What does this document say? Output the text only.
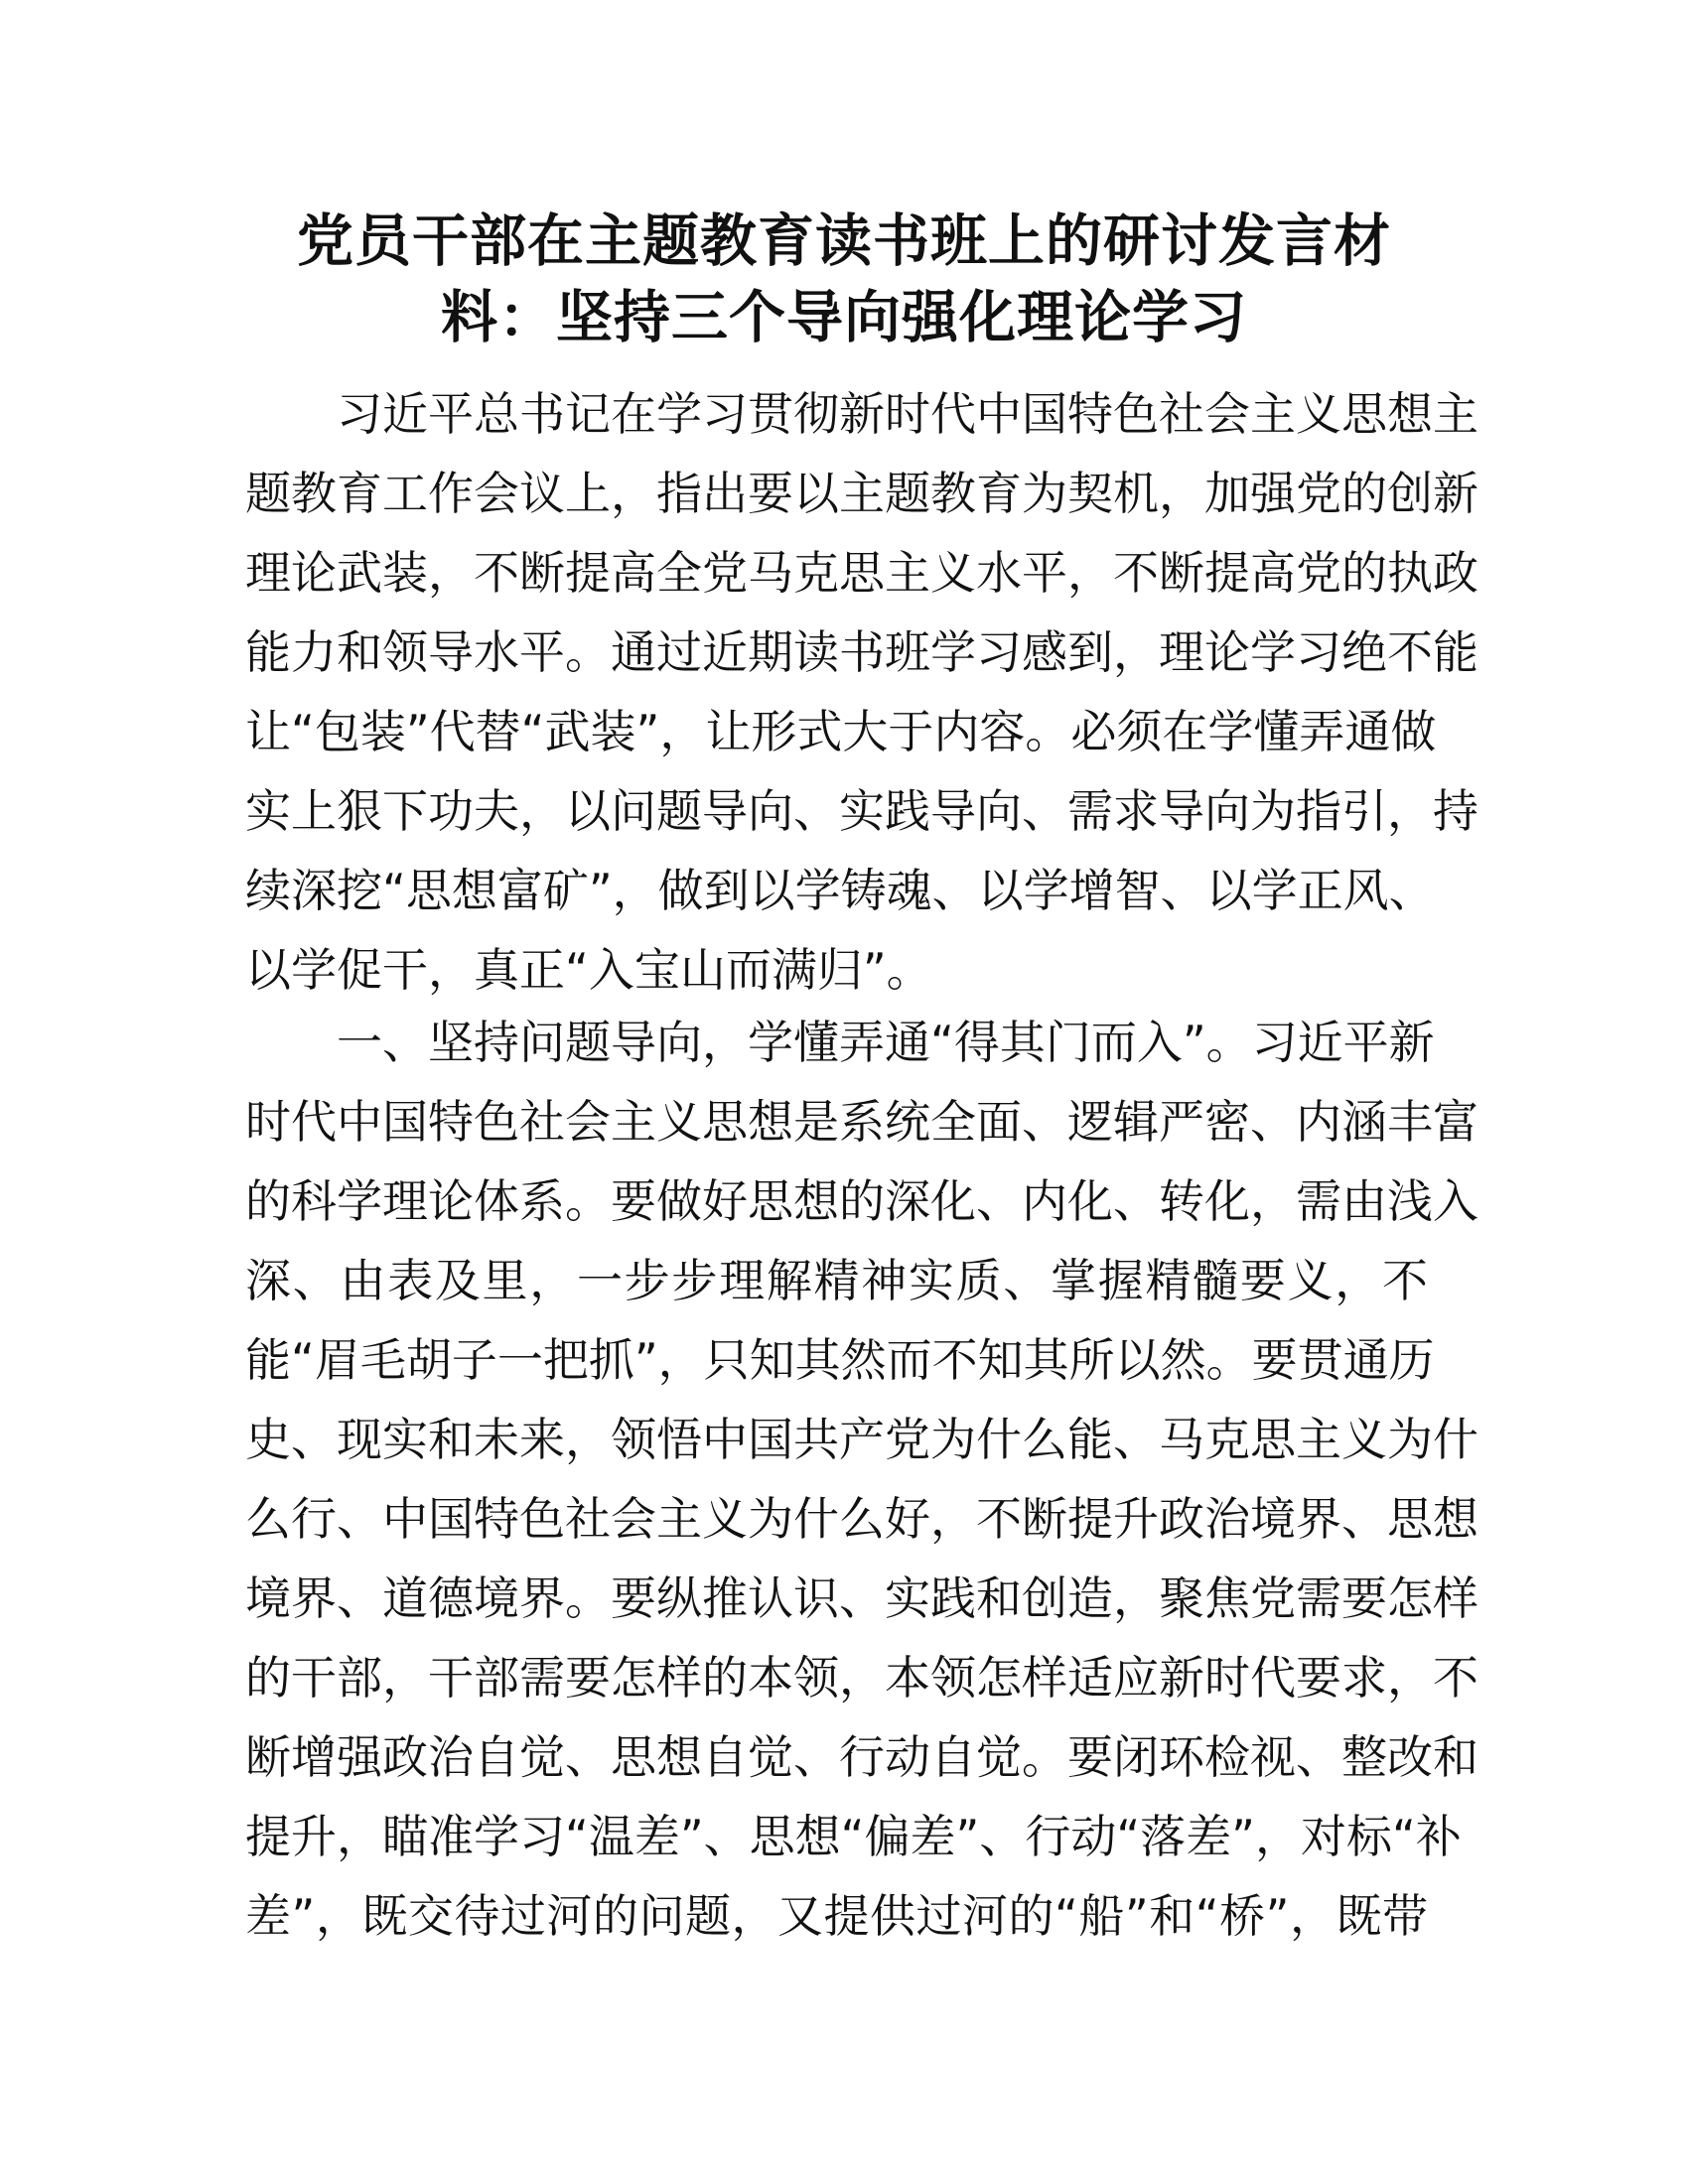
党员干部在主题教育读书班上的研讨发言材
料：坚持三个导向强化理论学习
习近平总书记在学习贯彻新时代中国特色社会主义思想主
题教育工作会议上，指出要以主题教育为契机，加强党的创新
理论武装，不断提高全党马克思主义水平，不断提高党的执政
能力和领导水平。通过近期读书班学习感到，理论学习绝不能
让“包装”代替“武装”，让形式大于内容。必须在学懂弄通做
实上狠下功夫，以问题导向、实践导向、需求导向为指引，持
续深挖“思想富矿”，做到以学铸魂、以学增智、以学正风、
以学促干，真正“入宝山而满归”。
一、坚持问题导向，学懂弄通“得其门而入”。习近平新
时代中国特色社会主义思想是系统全面、逻辑严密、内涵丰富
的科学理论体系。要做好思想的深化、内化、转化，需由浅入
深、由表及里，一步步理解精神实质、掌握精髓要义，不
能“眉毛胡子一把抓”，只知其然而不知其所以然。要贯通历
史、现实和未来，领悟中国共产党为什么能、马克思主义为什
么行、中国特色社会主义为什么好，不断提升政治境界、思想
境界、道德境界。要纵推认识、实践和创造，聚焦党需要怎样
的干部，干部需要怎样的本领，本领怎样适应新时代要求，不
断增强政治自觉、思想自觉、行动自觉。要闭环检视、整改和
提升，瞄准学习“温差”、思想“偏差”、行动“落差”，对标“补
差”，既交待过河的问题，又提供过河的“船”和“桥”，既带
